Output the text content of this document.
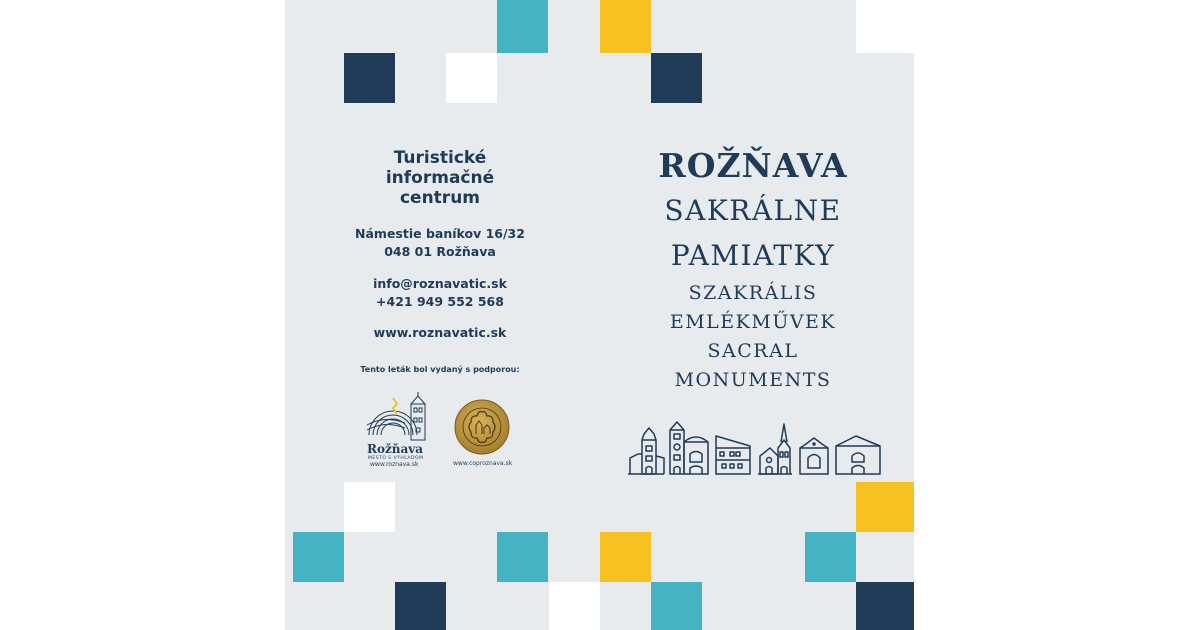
Turistické
informačné
centrum
Námestie baníkov 16/32
048 01 Rožňava
info@roznavatic.sk
+421 949 552 568
www.roznavatic.sk
Tento leták bol vydaný s podporou:
Rožňava
MESTO S VÝHĽADOM
www.roznava.sk	www.coproznava.sk
ROŽŇAVA
SAKRÁLNE
PAMIATKY
SZAKRÁLIS
EMLÉKMŰVEK
SACRAL
MONUMENTS
